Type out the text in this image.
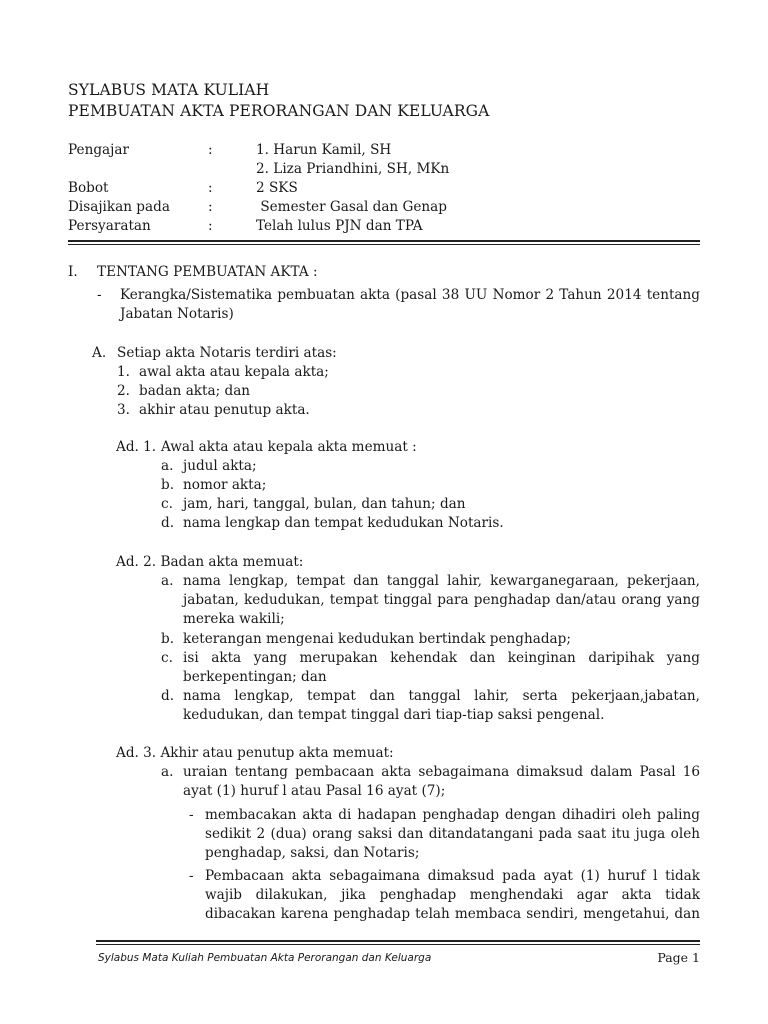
SYLABUS MATA KULIAH
PEMBUATAN AKTA PERORANGAN DAN KELUARGA
Pengajar	:	1. Harun Kamil, SH
2. Liza Priandhini, SH, MKn
Bobot	:	2 SKS
Disajikan pada	:	Semester Gasal dan Genap
Persyaratan	:	Telah lulus PJN dan TPA
I. TENTANG PEMBUATAN AKTA :
- Kerangka/Sistematika pembuatan akta (pasal 38 UU Nomor 2 Tahun 2014 tentang Jabatan Notaris)
A. Setiap akta Notaris terdiri atas:
1. awal akta atau kepala akta;
2. badan akta; dan
3. akhir atau penutup akta.
Ad. 1. Awal akta atau kepala akta memuat :
a. judul akta;
b. nomor akta;
c. jam, hari, tanggal, bulan, dan tahun; dan
d. nama lengkap dan tempat kedudukan Notaris.
Ad. 2. Badan akta memuat:
a. nama lengkap, tempat dan tanggal lahir, kewarganegaraan, pekerjaan, jabatan, kedudukan, tempat tinggal para penghadap dan/atau orang yang mereka wakili;
b. keterangan mengenai kedudukan bertindak penghadap;
c. isi akta yang merupakan kehendak dan keinginan daripihak yang berkepentingan; dan
d. nama lengkap, tempat dan tanggal lahir, serta pekerjaan,jabatan, kedudukan, dan tempat tinggal dari tiap-tiap saksi pengenal.
Ad. 3. Akhir atau penutup akta memuat:
a. uraian tentang pembacaan akta sebagaimana dimaksud dalam Pasal 16 ayat (1) huruf l atau Pasal 16 ayat (7);
- membacakan akta di hadapan penghadap dengan dihadiri oleh paling sedikit 2 (dua) orang saksi dan ditandatangani pada saat itu juga oleh penghadap, saksi, dan Notaris;
- Pembacaan akta sebagaimana dimaksud pada ayat (1) huruf l tidak wajib dilakukan, jika penghadap menghendaki agar akta tidak dibacakan karena penghadap telah membaca sendiri, mengetahui, dan
Sylabus Mata Kuliah Pembuatan Akta Perorangan dan Keluarga	Page 1
